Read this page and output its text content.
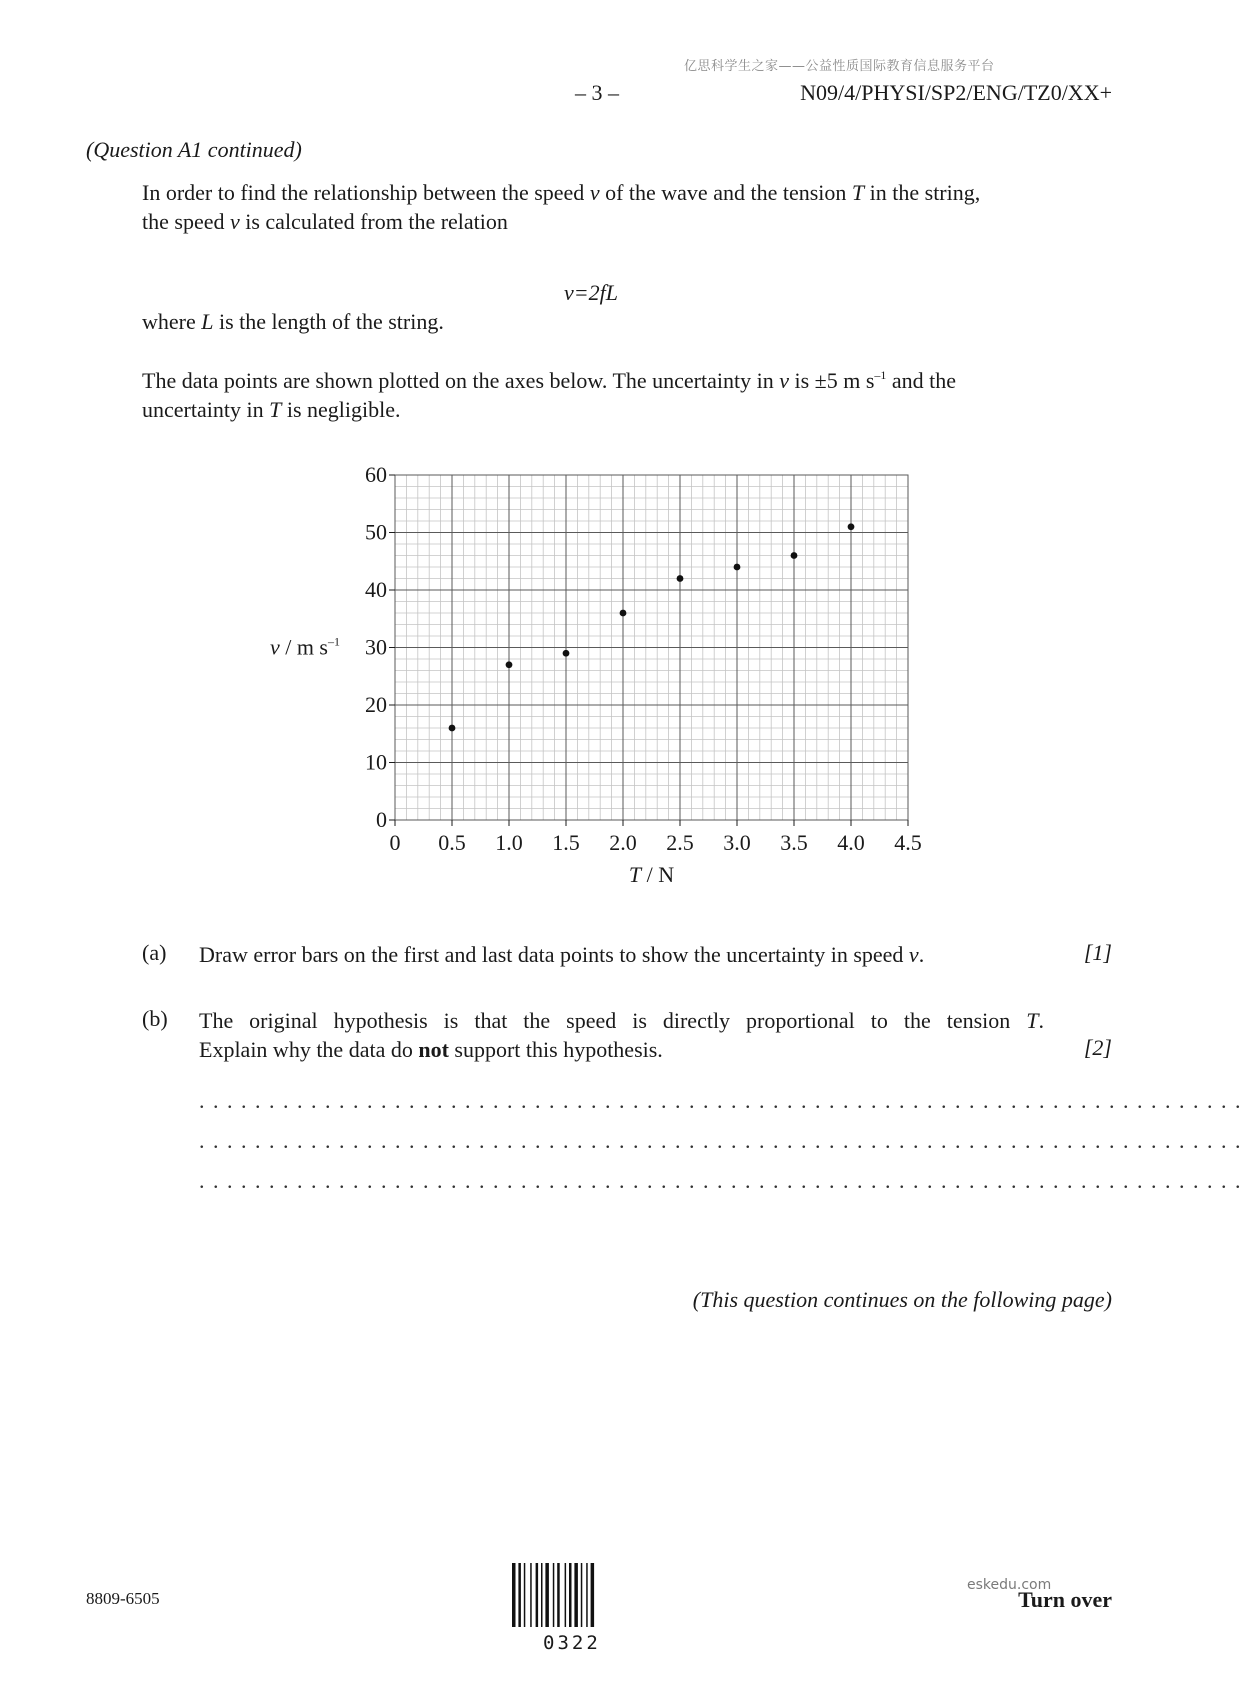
亿思科学生之家——公益性质国际教育信息服务平台
– 3 –	N09/4/PHYSI/SP2/ENG/TZ0/XX+
(Question A1 continued)
In order to find the relationship between the speed v of the wave and the tension T in the string,
the speed v is calculated from the relation
v=2fL
where L is the length of the string.
The data points are shown plotted on the axes below. The uncertainty in v is ±5 m $s^{-1}$ and the
uncertainty in T is negligible.
0 0.5 1.0 1.5 2.0 2.5 3.0 3.5 4.0 4.5
0
10
20
30
40
50
60
v / m $s^{-1}$
T / N
(a) Draw error bars on the first and last data points to show the uncertainty in speed v.	[1]
(b) The original hypothesis is that the speed is directly proportional to the tension T.
Explain why the data do not support this hypothesis.	[2]
. . . . . . . . . . . . . . . . . . . . . . . . . . . . . . . . . . . . . . . . . . . . . . . . . . . . . . . . . . . . . . . . . . . . . . . . . . .
. . . . . . . . . . . . . . . . . . . . . . . . . . . . . . . . . . . . . . . . . . . . . . . . . . . . . . . . . . . . . . . . . . . . . . . . . . .
. . . . . . . . . . . . . . . . . . . . . . . . . . . . . . . . . . . . . . . . . . . . . . . . . . . . . . . . . . . . . . . . . . . . . . . . . . .
(This question continues on the following page)
8809-6505
0322
eskedu.com
Turn over
